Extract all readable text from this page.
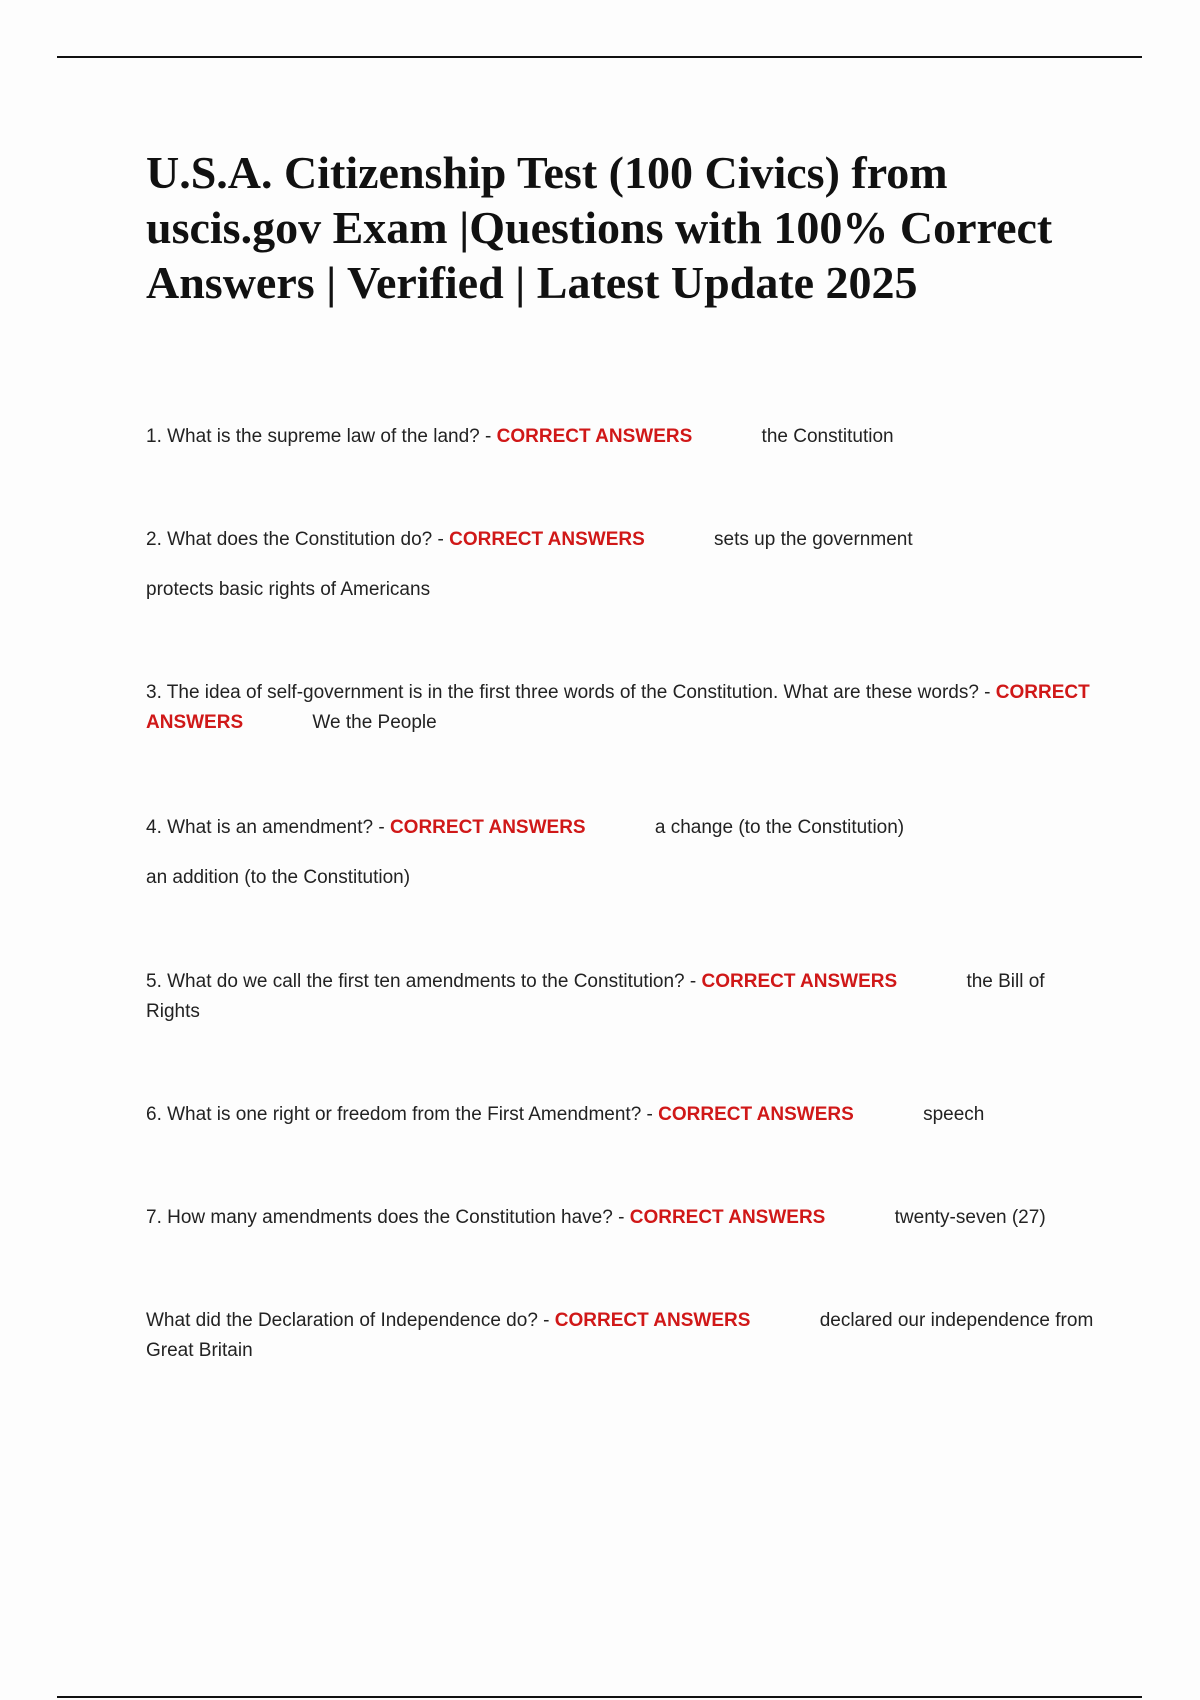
U.S.A. Citizenship Test (100 Civics) from uscis.gov Exam |Questions with 100% Correct Answers | Verified | Latest Update 2025
1. What is the supreme law of the land? - CORRECT ANSWERS	the Constitution
2. What does the Constitution do? - CORRECT ANSWERS	sets up the government
protects basic rights of Americans
3. The idea of self-government is in the first three words of the Constitution. What are these words? - CORRECT ANSWERS	We the People
4. What is an amendment? - CORRECT ANSWERS	a change (to the Constitution)
an addition (to the Constitution)
5. What do we call the first ten amendments to the Constitution? - CORRECT ANSWERS	the Bill of Rights
6. What is one right or freedom from the First Amendment? - CORRECT ANSWERS	speech
7. How many amendments does the Constitution have? - CORRECT ANSWERS	twenty-seven (27)
What did the Declaration of Independence do? - CORRECT ANSWERS	declared our independence from Great Britain
